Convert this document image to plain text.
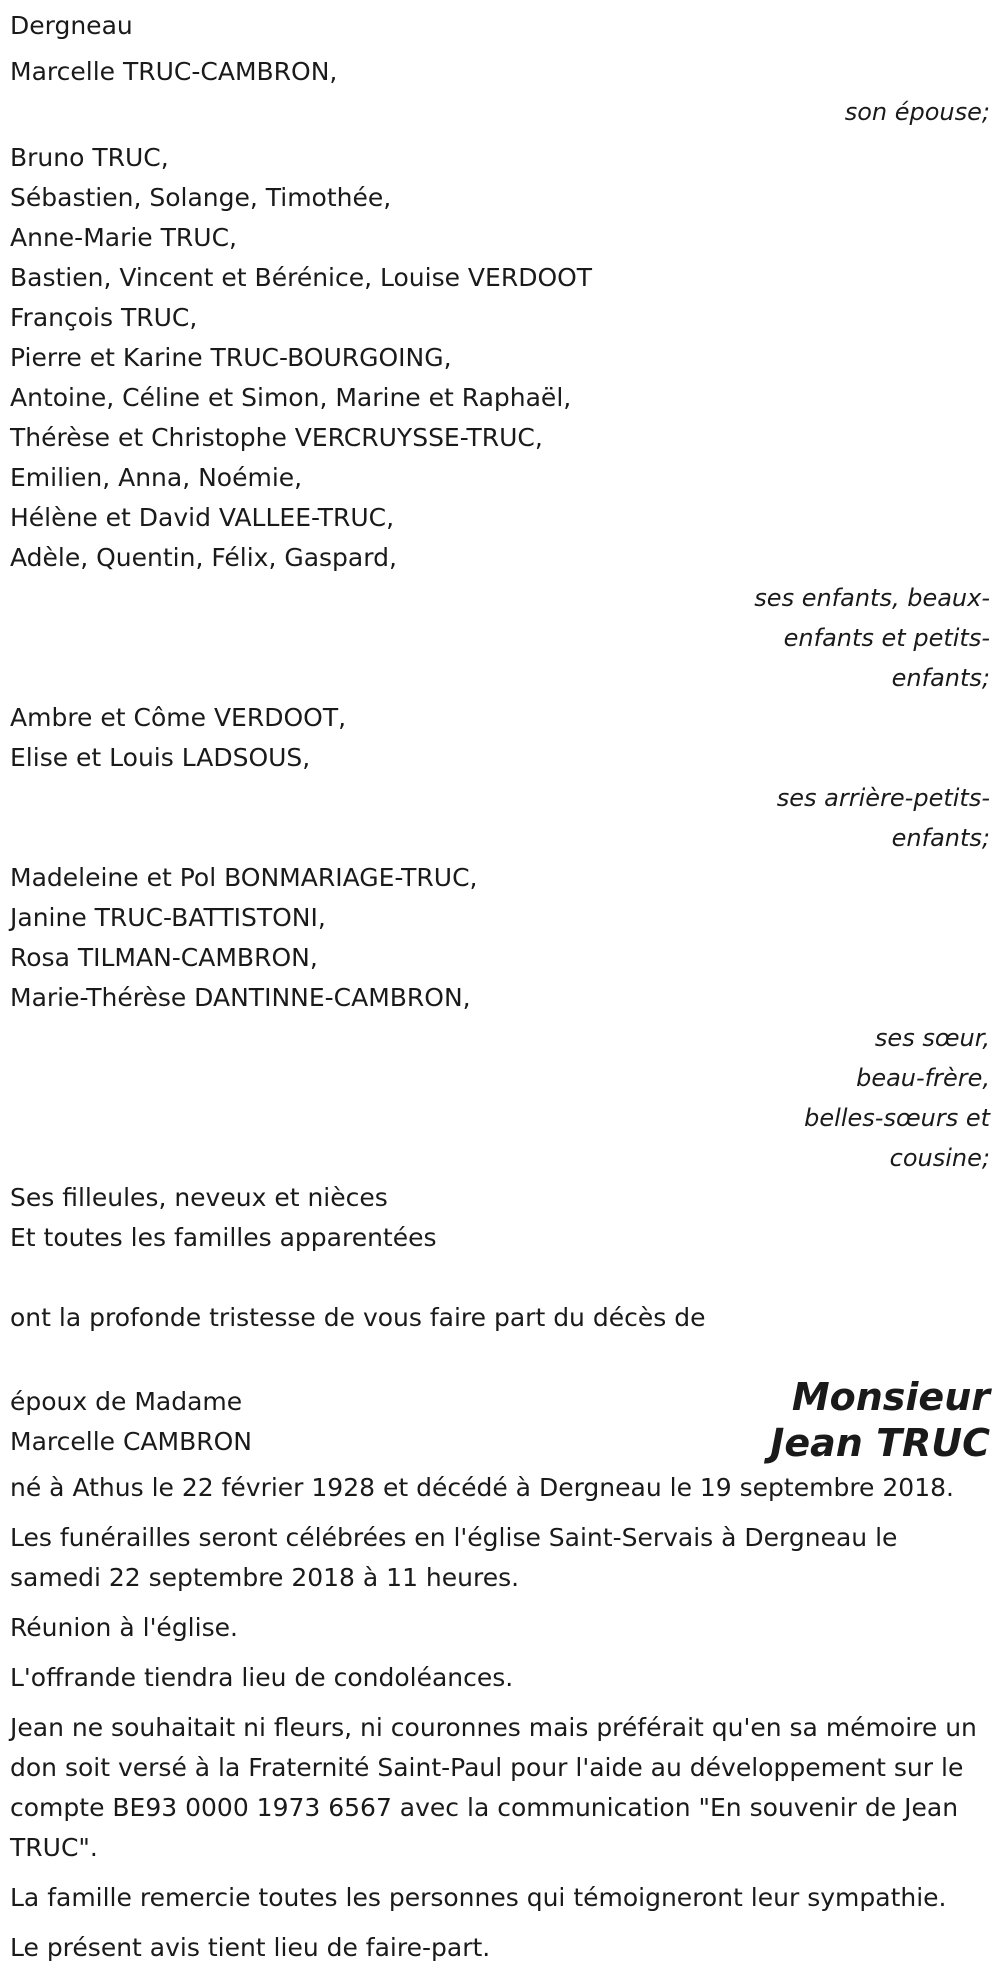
Dergneau
Marcelle TRUC-CAMBRON,
son épouse;
Bruno TRUC,
Sébastien, Solange, Timothée,
Anne-Marie TRUC,
Bastien, Vincent et Bérénice, Louise VERDOOT
François TRUC,
Pierre et Karine TRUC-BOURGOING,
Antoine, Céline et Simon, Marine et Raphaël,
Thérèse et Christophe VERCRUYSSE-TRUC,
Emilien, Anna, Noémie,
Hélène et David VALLEE-TRUC,
Adèle, Quentin, Félix, Gaspard,
ses enfants, beaux-
enfants et petits-
enfants;
Ambre et Côme VERDOOT,
Elise et Louis LADSOUS,
ses arrière-petits-
enfants;
Madeleine et Pol BONMARIAGE-TRUC,
Janine TRUC-BATTISTONI,
Rosa TILMAN-CAMBRON,
Marie-Thérèse DANTINNE-CAMBRON,
ses sœur,
beau-frère,
belles-sœurs et
cousine;
Ses filleules, neveux et nièces
Et toutes les familles apparentées
ont la profonde tristesse de vous faire part du décès de
époux de Madame
Marcelle CAMBRON
Monsieur
Jean TRUC
né à Athus le 22 février 1928 et décédé à Dergneau le 19 septembre 2018.
Les funérailles seront célébrées en l'église Saint-Servais à Dergneau le samedi 22 septembre 2018 à 11 heures.
Réunion à l'église.
L'offrande tiendra lieu de condoléances.
Jean ne souhaitait ni fleurs, ni couronnes mais préférait qu'en sa mémoire un don soit versé à la Fraternité Saint-Paul pour l'aide au développement sur le compte BE93 0000 1973 6567 avec la communication "En souvenir de Jean TRUC".
La famille remercie toutes les personnes qui témoigneront leur sympathie.
Le présent avis tient lieu de faire-part.
